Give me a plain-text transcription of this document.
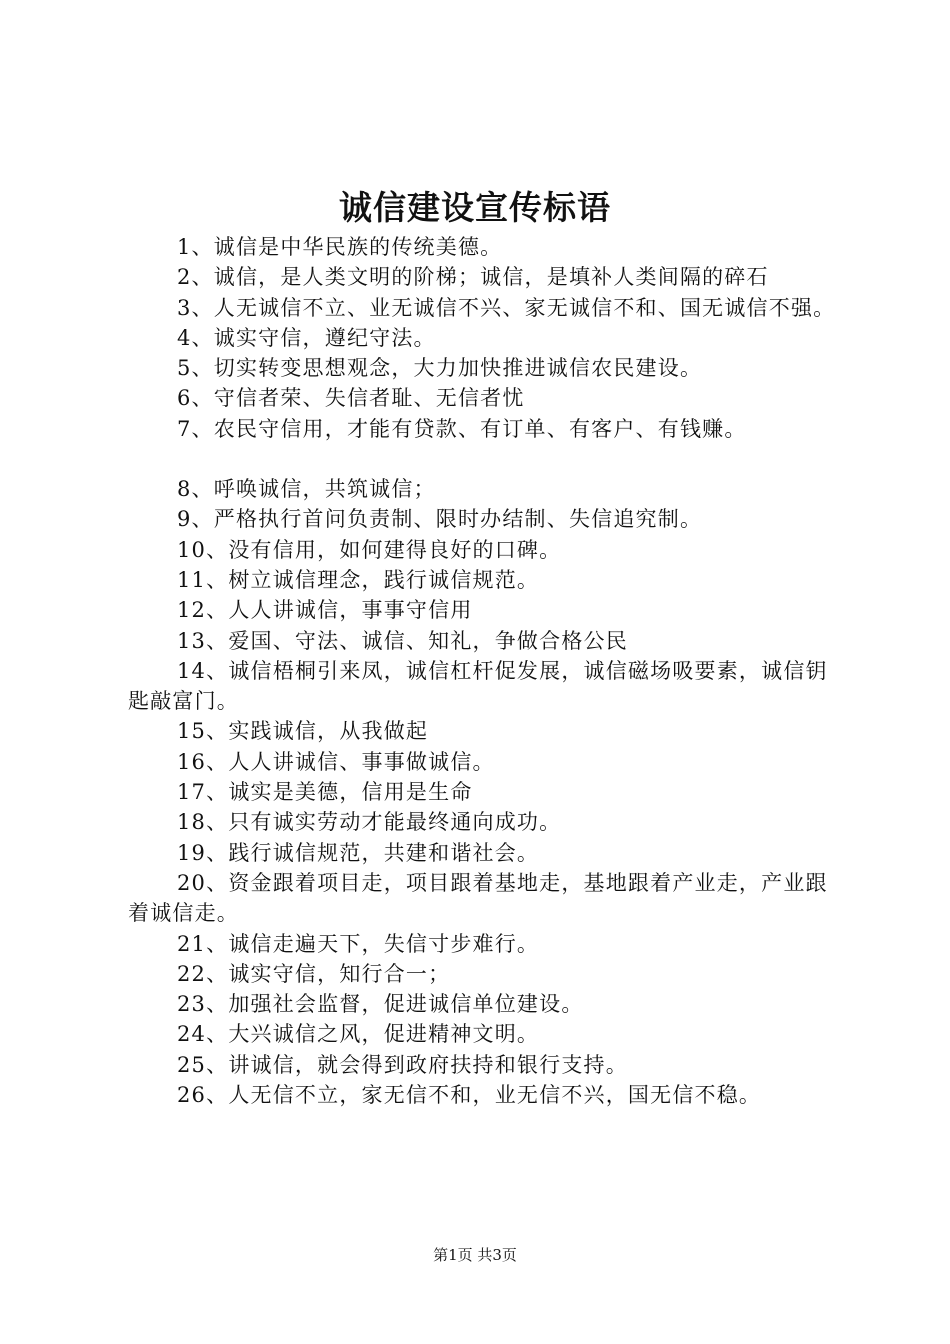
诚信建设宣传标语
1、诚信是中华民族的传统美德。
2、诚信，是人类文明的阶梯；诚信，是填补人类间隔的碎石
3、人无诚信不立、业无诚信不兴、家无诚信不和、国无诚信不强。
4、诚实守信，遵纪守法。
5、切实转变思想观念，大力加快推进诚信农民建设。
6、守信者荣、失信者耻、无信者忧
7、农民守信用，才能有贷款、有订单、有客户、有钱赚。
8、呼唤诚信，共筑诚信；
9、严格执行首问负责制、限时办结制、失信追究制。
10、没有信用，如何建得良好的口碑。
11、树立诚信理念，践行诚信规范。
12、人人讲诚信，事事守信用
13、爱国、守法、诚信、知礼，争做合格公民
14、诚信梧桐引来凤，诚信杠杆促发展，诚信磁场吸要素，诚信钥匙敲富门。
15、实践诚信，从我做起
16、人人讲诚信、事事做诚信。
17、诚实是美德，信用是生命
18、只有诚实劳动才能最终通向成功。
19、践行诚信规范，共建和谐社会。
20、资金跟着项目走，项目跟着基地走，基地跟着产业走，产业跟着诚信走。
21、诚信走遍天下，失信寸步难行。
22、诚实守信，知行合一；
23、加强社会监督，促进诚信单位建设。
24、大兴诚信之风，促进精神文明。
25、讲诚信，就会得到政府扶持和银行支持。
26、人无信不立，家无信不和，业无信不兴，国无信不稳。
第1页 共3页
